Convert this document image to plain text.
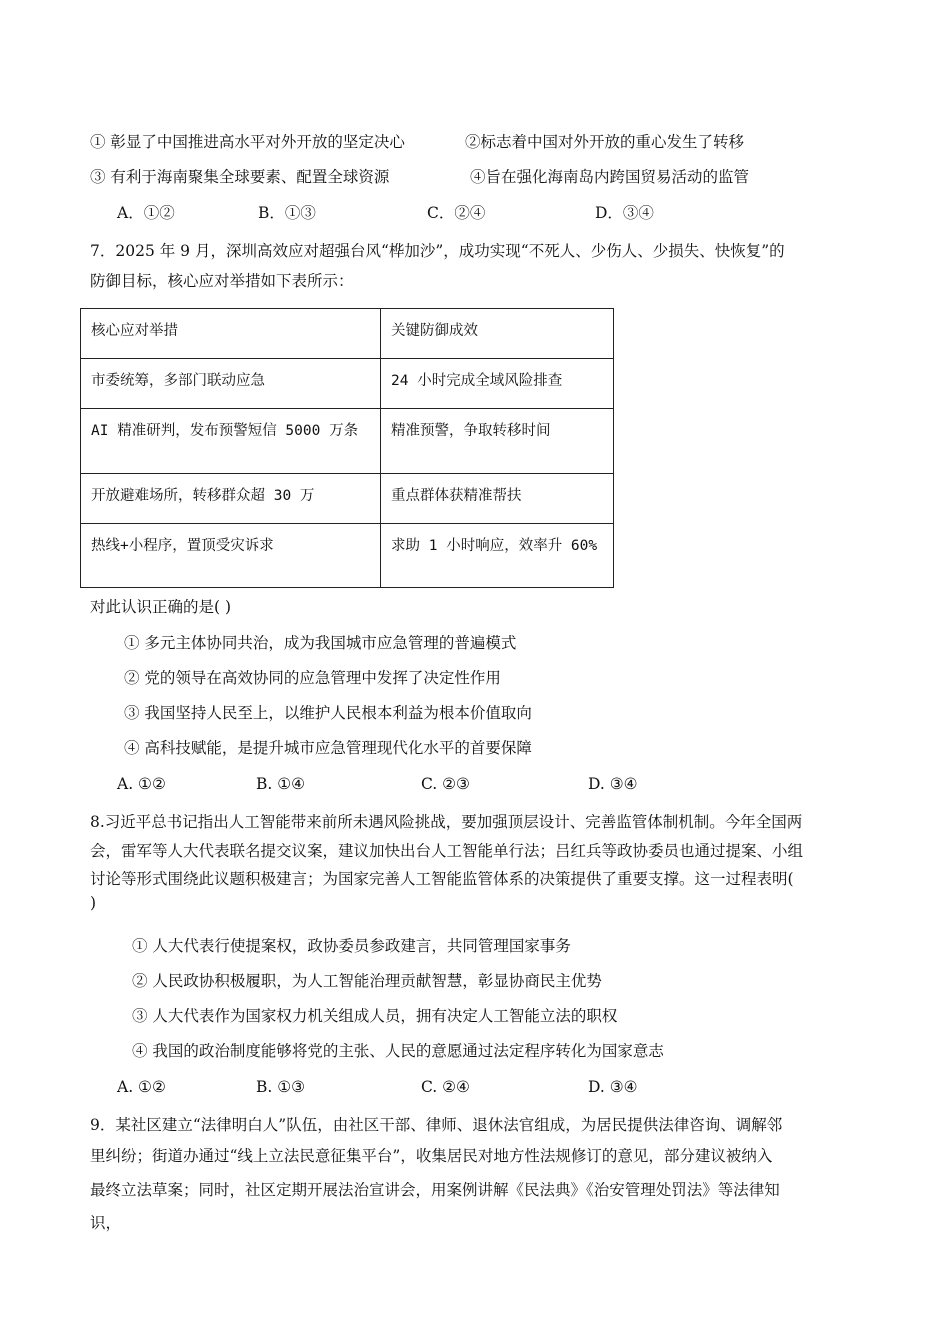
① 彰显了中国推进高水平对外开放的坚定决心	②标志着中国对外开放的重心发生了转移
③ 有利于海南聚集全球要素、配置全球资源	④旨在强化海南岛内跨国贸易活动的监管
A．①②	B．①③	C．②④	D．③④
7．2025 年 9 月，深圳高效应对超强台风“桦加沙”，成功实现“不死人、少伤人、少损失、快恢复”的
防御目标，核心应对举措如下表所示：
核心应对举措	关键防御成效
市委统筹，多部门联动应急	24 小时完成全域风险排查
AI 精准研判，发布预警短信 5000 万条	精准预警，争取转移时间
开放避难场所，转移群众超 30 万	重点群体获精准帮扶
热线+小程序，置顶受灾诉求	求助 1 小时响应，效率升 60%
对此认识正确的是( )
① 多元主体协同共治，成为我国城市应急管理的普遍模式
② 党的领导在高效协同的应急管理中发挥了决定性作用
③ 我国坚持人民至上，以维护人民根本利益为根本价值取向
④ 高科技赋能，是提升城市应急管理现代化水平的首要保障
A. ①②	B. ①④	C. ②③	D. ③④
8.习近平总书记指出人工智能带来前所未遇风险挑战，要加强顶层设计、完善监管体制机制。今年全国两
会，雷军等人大代表联名提交议案，建议加快出台人工智能单行法；吕红兵等政协委员也通过提案、小组
讨论等形式围绕此议题积极建言；为国家完善人工智能监管体系的决策提供了重要支撑。这一过程表明(
)
① 人大代表行使提案权，政协委员参政建言，共同管理国家事务
② 人民政协积极履职，为人工智能治理贡献智慧，彰显协商民主优势
③ 人大代表作为国家权力机关组成人员，拥有决定人工智能立法的职权
④ 我国的政治制度能够将党的主张、人民的意愿通过法定程序转化为国家意志
A. ①②	B. ①③	C. ②④	D. ③④
9．某社区建立“法律明白人”队伍，由社区干部、律师、退休法官组成，为居民提供法律咨询、调解邻
里纠纷；街道办通过“线上立法民意征集平台”，收集居民对地方性法规修订的意见，部分建议被纳入
最终立法草案；同时，社区定期开展法治宣讲会，用案例讲解《民法典》《治安管理处罚法》等法律知
识，
